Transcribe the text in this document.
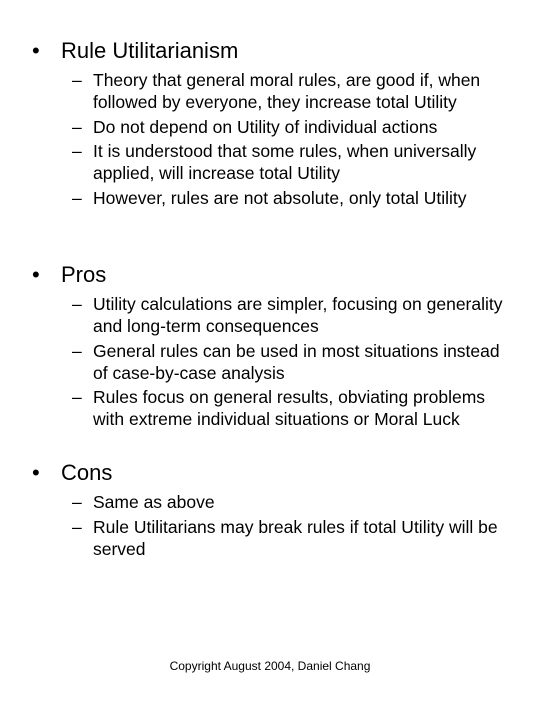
• Rule Utilitarianism
– Theory that general moral rules, are good if, when followed by everyone, they increase total Utility
– Do not depend on Utility of individual actions
– It is understood that some rules, when universally applied, will increase total Utility
– However, rules are not absolute, only total Utility
• Pros
– Utility calculations are simpler, focusing on generality and long-term consequences
– General rules can be used in most situations instead of case-by-case analysis
– Rules focus on general results, obviating problems with extreme individual situations or Moral Luck
• Cons
– Same as above
– Rule Utilitarians may break rules if total Utility will be served
Copyright August 2004, Daniel Chang
